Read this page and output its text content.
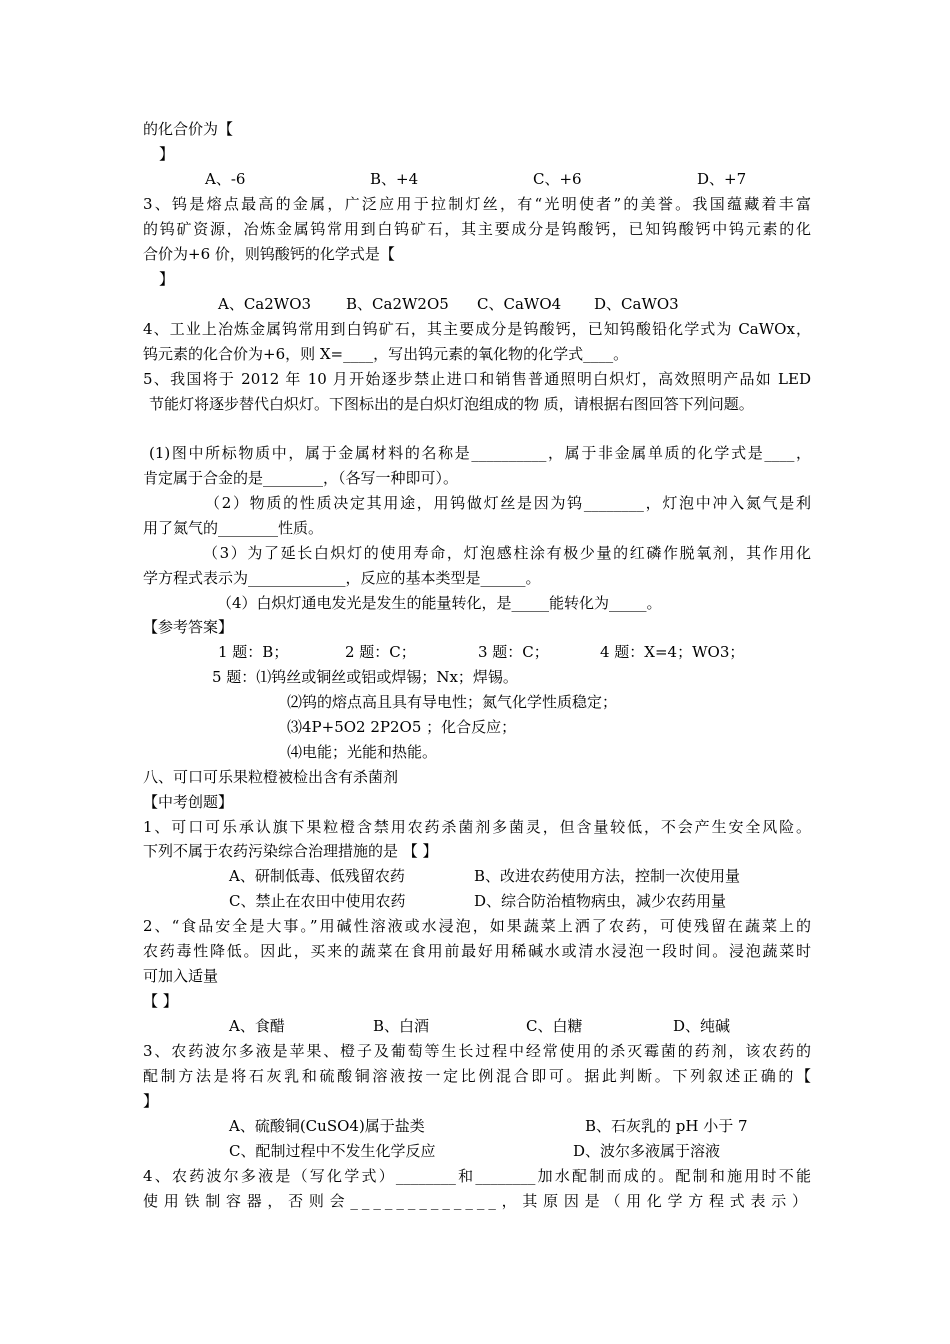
的化合价为【
】
A、-6	B、+4	C、+6	D、+7
3、钨是熔点最高的金属，广泛应用于拉制灯丝，有“光明使者”的美誉。我国蕴藏着丰富
的钨矿资源，冶炼金属钨常用到白钨矿石，其主要成分是钨酸钙，已知钨酸钙中钨元素的化
合价为+6 价，则钨酸钙的化学式是【
】
A、Ca2WO3 B、Ca2W2O5 C、CaWO4 D、CaWO3
4、工业上冶炼金属钨常用到白钨矿石，其主要成分是钨酸钙，已知钨酸铅化学式为 CaWOx，
钨元素的化合价为+6，则 X=____，写出钨元素的氧化物的化学式____。
5、我国将于 2012 年 10 月开始逐步禁止进口和销售普通照明白炽灯，高效照明产品如 LED
节能灯将逐步替代白炽灯。下图标出的是白炽灯泡组成的物 质，请根据右图回答下列问题。
(1)图中所标物质中，属于金属材料的名称是__________，属于非金属单质的化学式是____，
肯定属于合金的是________，（各写一种即可）。
（2）物质的性质决定其用途，用钨做灯丝是因为钨________，灯泡中冲入氮气是利
用了氮气的________性质。
（3）为了延长白炽灯的使用寿命，灯泡感柱涂有极少量的红磷作脱氧剂，其作用化
学方程式表示为_____________，反应的基本类型是______。
（4）白炽灯通电发光是发生的能量转化，是_____能转化为_____。
【参考答案】
1 题：B；	2 题：C；	3 题：C；	4 题：X=4；WO3；
5 题：⑴钨丝或铜丝或铝或焊锡；Nx；焊锡。
⑵钨的熔点高且具有导电性；氮气化学性质稳定；
⑶4P+5O2 2P2O5 ；化合反应；
⑷电能；光能和热能。
八、可口可乐果粒橙被检出含有杀菌剂
【中考创题】
1、可口可乐承认旗下果粒橙含禁用农药杀菌剂多菌灵，但含量较低，不会产生安全风险。
下列不属于农药污染综合治理措施的是 【 】
A、研制低毒、低残留农药	B、改进农药使用方法，控制一次使用量
C、禁止在农田中使用农药	D、综合防治植物病虫，减少农药用量
2、“食品安全是大事。”用碱性溶液或水浸泡，如果蔬菜上洒了农药，可使残留在蔬菜上的
农药毒性降低。因此，买来的蔬菜在食用前最好用稀碱水或清水浸泡一段时间。浸泡蔬菜时
可加入适量
【 】
A、食醋	B、白酒	C、白糖	D、纯碱
3、农药波尔多液是苹果、橙子及葡萄等生长过程中经常使用的杀灭霉菌的药剂，该农药的
配制方法是将石灰乳和硫酸铜溶液按一定比例混合即可。据此判断。下列叙述正确的【
】
A、硫酸铜(CuSO4)属于盐类	B、石灰乳的 pH 小于 7
C、配制过程中不发生化学反应	D、波尔多液属于溶液
4、农药波尔多液是（写化学式）________和________加水配制而成的。配制和施用时不能
使用铁制容器，否则会_____________，其原因是（用化学方程式表示）
